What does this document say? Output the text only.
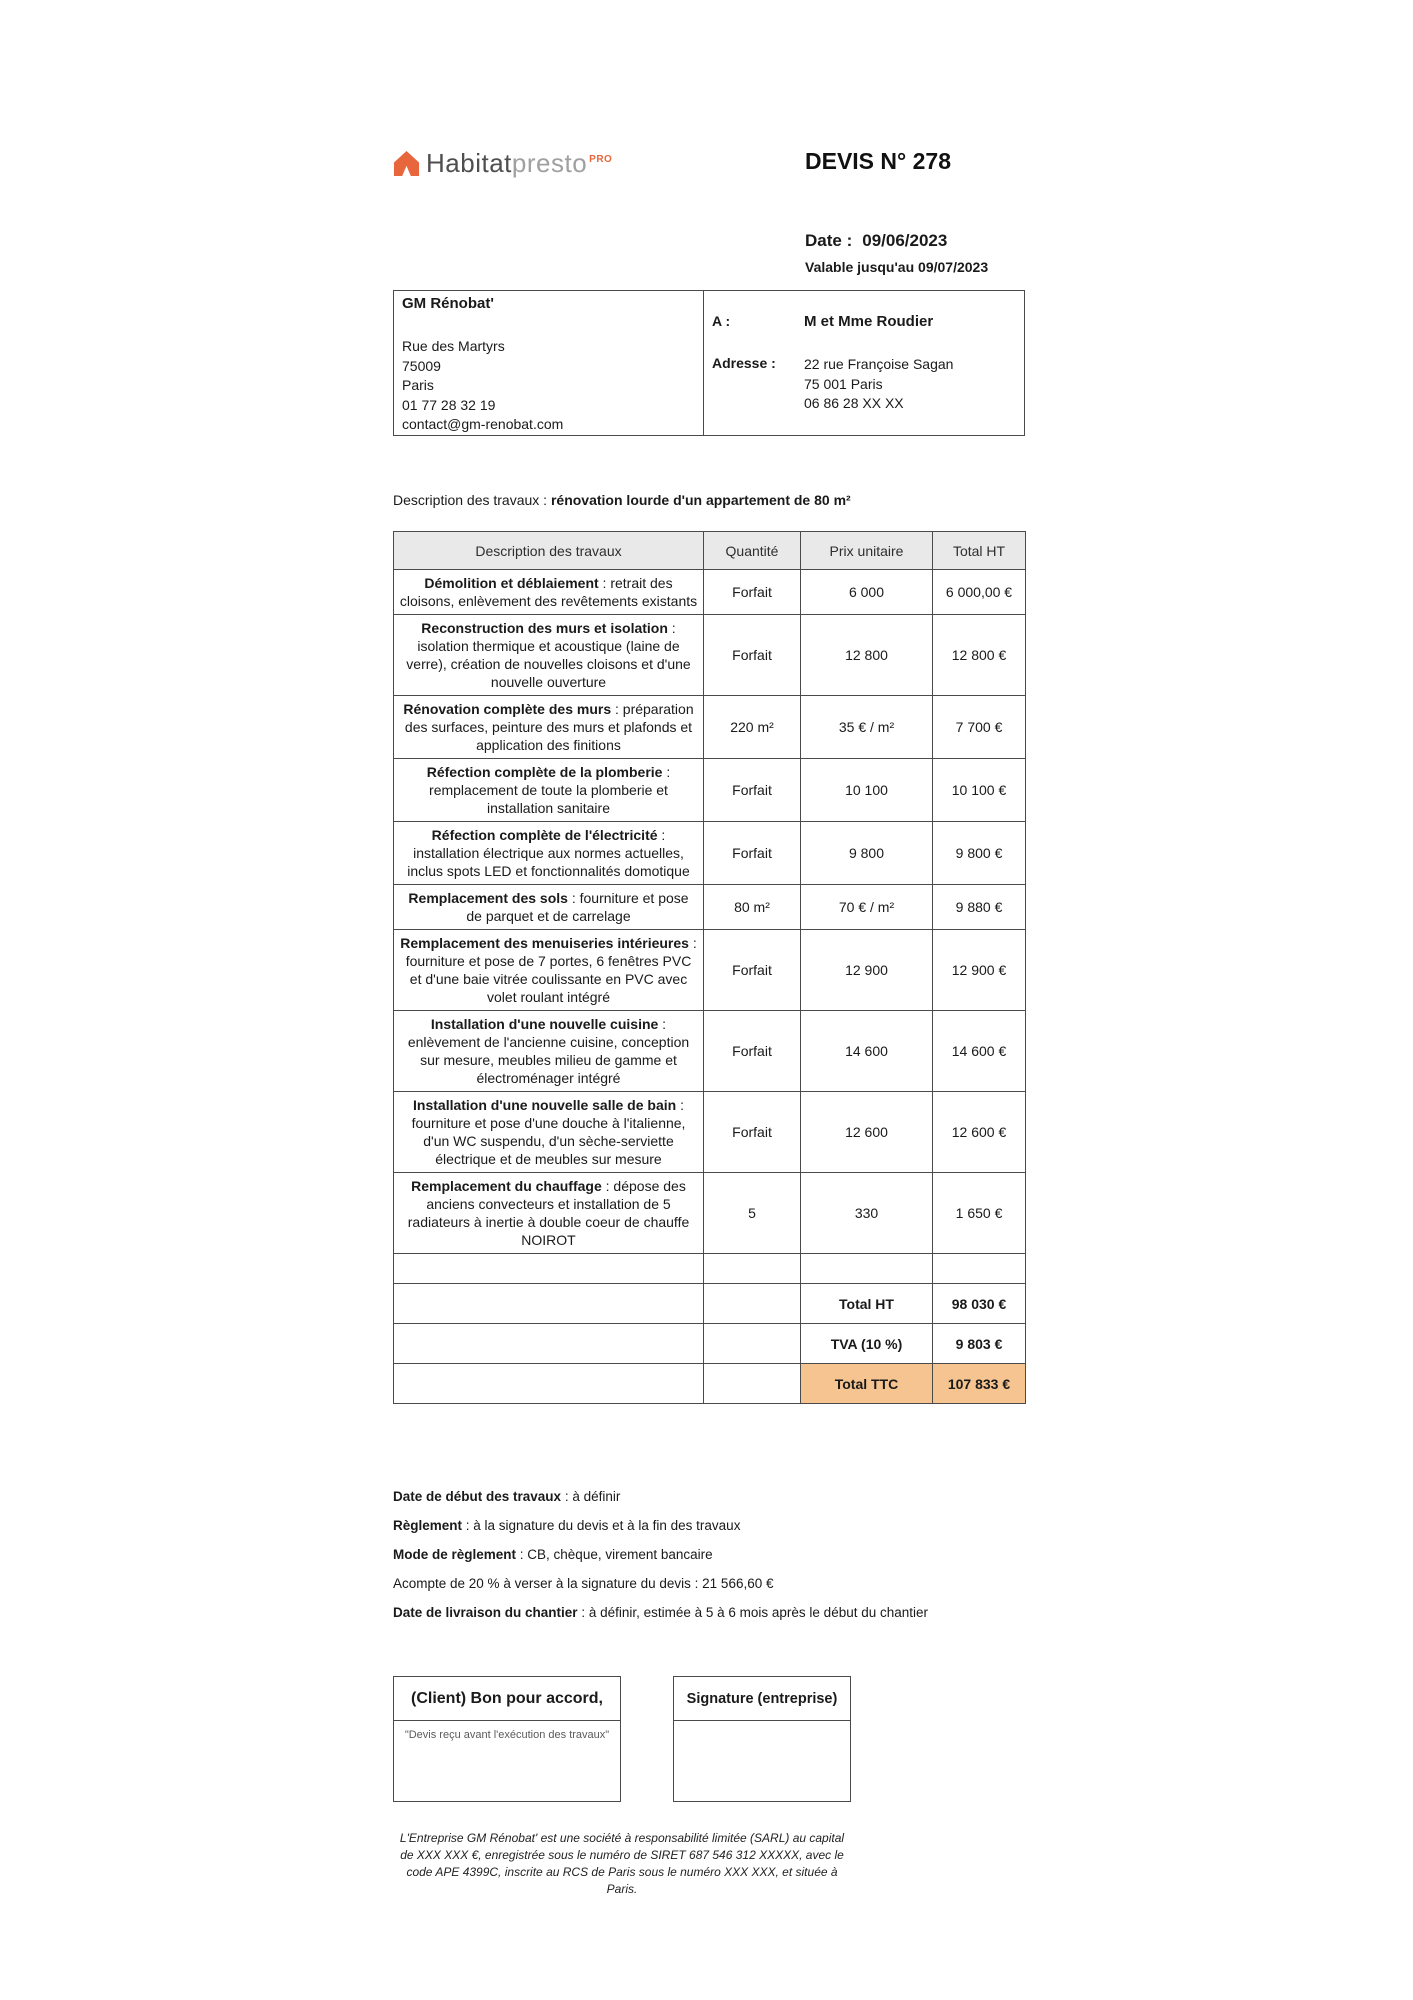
Habitatpresto $^{PRO}$	DEVIS N° 278
Date : 09/06/2023
Valable jusqu'au 09/07/2023
GM Rénobat'
Rue des Martyrs
75009
Paris
01 77 28 32 19
contact@gm-renobat.com
A :	M et Mme Roudier
Adresse :	22 rue Françoise Sagan
75 001 Paris
06 86 28 XX XX

Description des travaux : rénovation lourde d'un appartement de 80 m²

Description des travaux	Quantité	Prix unitaire	Total HT
Démolition et déblaiement : retrait des cloisons, enlèvement des revêtements existants	Forfait	6 000	6 000,00 €
Reconstruction des murs et isolation : isolation thermique et acoustique (laine de verre), création de nouvelles cloisons et d'une nouvelle ouverture	Forfait	12 800	12 800 €
Rénovation complète des murs : préparation des surfaces, peinture des murs et plafonds et application des finitions	220 m²	35 € / m²	7 700 €
Réfection complète de la plomberie : remplacement de toute la plomberie et installation sanitaire	Forfait	10 100	10 100 €
Réfection complète de l'électricité : installation électrique aux normes actuelles, inclus spots LED et fonctionnalités domotique	Forfait	9 800	9 800 €
Remplacement des sols : fourniture et pose de parquet et de carrelage	80 m²	70 € / m²	9 880 €
Remplacement des menuiseries intérieures : fourniture et pose de 7 portes, 6 fenêtres PVC et d'une baie vitrée coulissante en PVC avec volet roulant intégré	Forfait	12 900	12 900 €
Installation d'une nouvelle cuisine : enlèvement de l'ancienne cuisine, conception sur mesure, meubles milieu de gamme et électroménager intégré	Forfait	14 600	14 600 €
Installation d'une nouvelle salle de bain : fourniture et pose d'une douche à l'italienne, d'un WC suspendu, d'un sèche-serviette électrique et de meubles sur mesure	Forfait	12 600	12 600 €
Remplacement du chauffage : dépose des anciens convecteurs et installation de 5 radiateurs à inertie à double coeur de chauffe NOIROT	5	330	1 650 €

		Total HT	98 030 €
		TVA (10 %)	9 803 €
		Total TTC	107 833 €

Date de début des travaux : à définir

Règlement : à la signature du devis et à la fin des travaux

Mode de règlement : CB, chèque, virement bancaire

Acompte de 20 % à verser à la signature du devis : 21 566,60 €

Date de livraison du chantier : à définir, estimée à 5 à 6 mois après le début du chantier

(Client) Bon pour accord,
"Devis reçu avant l'exécution des travaux"
Signature (entreprise)

L'Entreprise GM Rénobat' est une société à responsabilité limitée (SARL) au capital de XXX XXX €, enregistrée sous le numéro de SIRET 687 546 312 XXXXX, avec le code APE 4399C, inscrite au RCS de Paris sous le numéro XXX XXX, et située à Paris.
